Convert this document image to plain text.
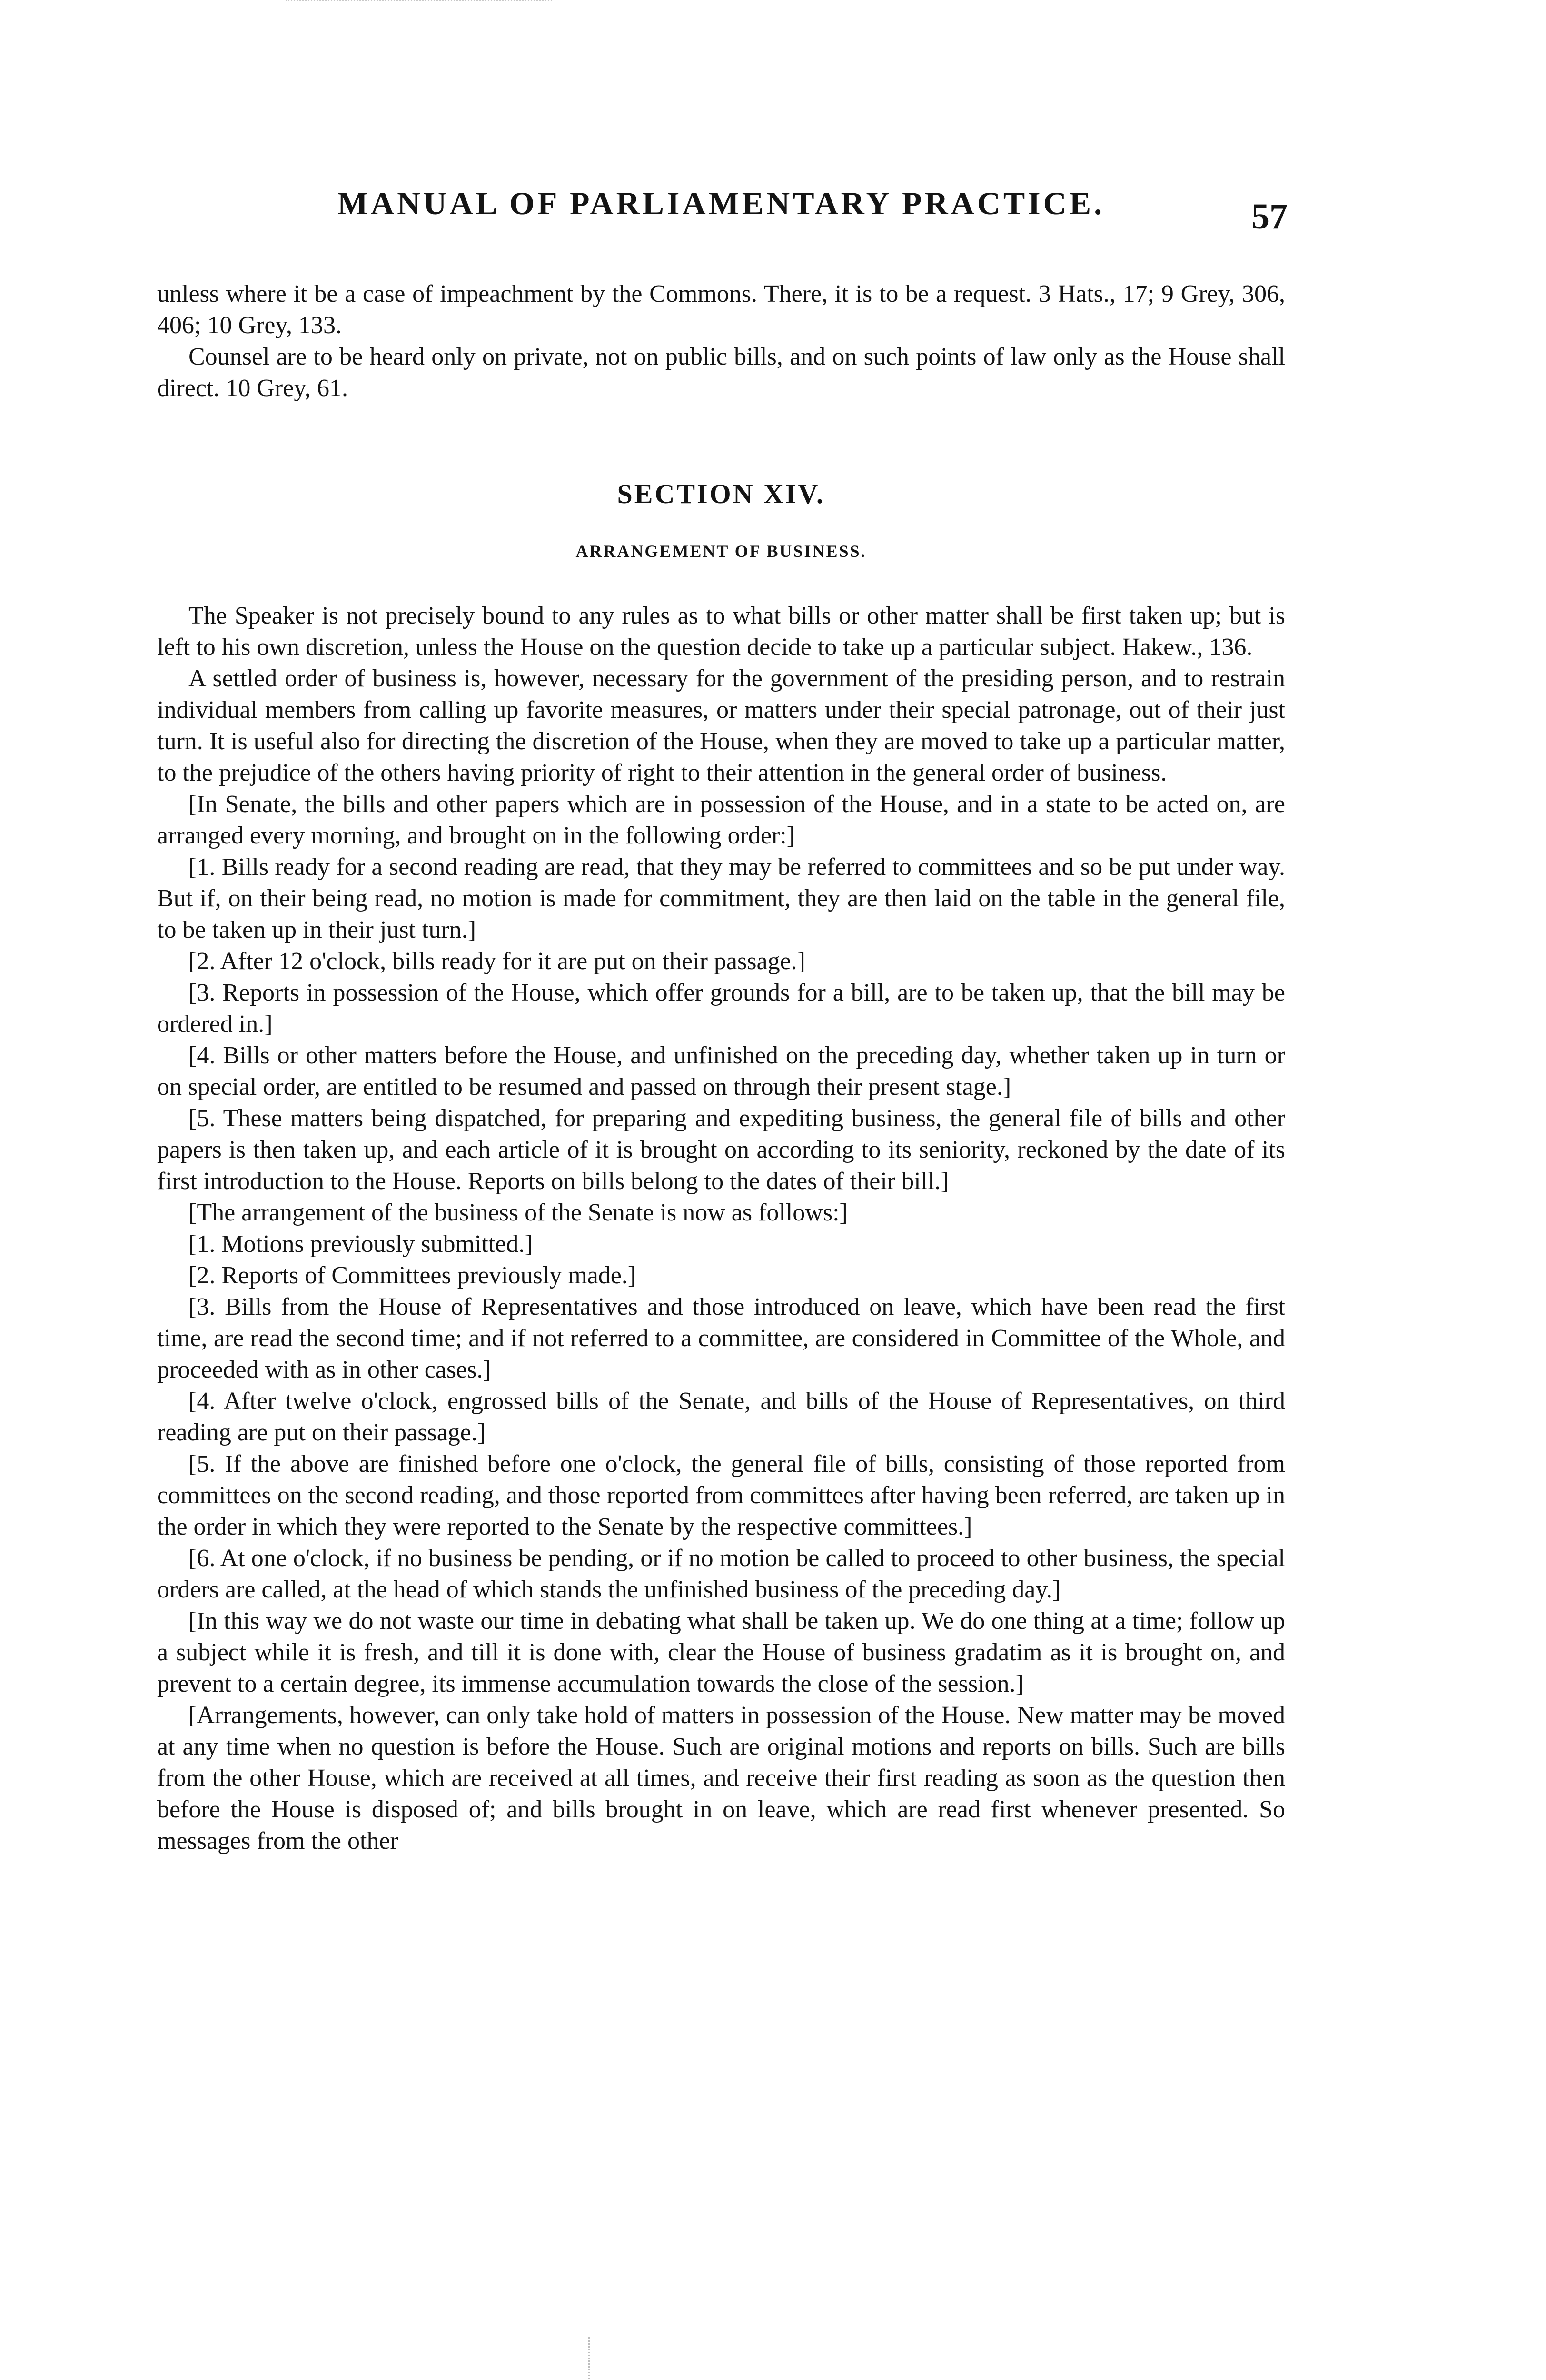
MANUAL OF PARLIAMENTARY PRACTICE.	57

unless where it be a case of impeachment by the Commons. There, it is to be a request. 3 Hats., 17; 9 Grey, 306, 406; 10 Grey, 133.

Counsel are to be heard only on private, not on public bills, and on such points of law only as the House shall direct. 10 Grey, 61.

SECTION XIV.
ARRANGEMENT OF BUSINESS.

The Speaker is not precisely bound to any rules as to what bills or other matter shall be first taken up; but is left to his own discretion, unless the House on the question decide to take up a particular subject. Hakew., 136.

A settled order of business is, however, necessary for the government of the presiding person, and to restrain individual members from calling up favorite measures, or matters under their special patronage, out of their just turn. It is useful also for directing the discretion of the House, when they are moved to take up a particular matter, to the prejudice of the others having priority of right to their attention in the general order of business.

[In Senate, the bills and other papers which are in possession of the House, and in a state to be acted on, are arranged every morning, and brought on in the following order:]

[1. Bills ready for a second reading are read, that they may be referred to committees and so be put under way. But if, on their being read, no motion is made for commitment, they are then laid on the table in the general file, to be taken up in their just turn.]

[2. After 12 o'clock, bills ready for it are put on their passage.]

[3. Reports in possession of the House, which offer grounds for a bill, are to be taken up, that the bill may be ordered in.]

[4. Bills or other matters before the House, and unfinished on the preceding day, whether taken up in turn or on special order, are entitled to be resumed and passed on through their present stage.]

[5. These matters being dispatched, for preparing and expediting business, the general file of bills and other papers is then taken up, and each article of it is brought on according to its seniority, reckoned by the date of its first introduction to the House. Reports on bills belong to the dates of their bill.]

[The arrangement of the business of the Senate is now as follows:]

[1. Motions previously submitted.]

[2. Reports of Committees previously made.]

[3. Bills from the House of Representatives and those introduced on leave, which have been read the first time, are read the second time; and if not referred to a committee, are considered in Committee of the Whole, and proceeded with as in other cases.]

[4. After twelve o'clock, engrossed bills of the Senate, and bills of the House of Representatives, on third reading are put on their passage.]

[5. If the above are finished before one o'clock, the general file of bills, consisting of those reported from committees on the second reading, and those reported from committees after having been referred, are taken up in the order in which they were reported to the Senate by the respective committees.]

[6. At one o'clock, if no business be pending, or if no motion be called to proceed to other business, the special orders are called, at the head of which stands the unfinished business of the preceding day.]

[In this way we do not waste our time in debating what shall be taken up. We do one thing at a time; follow up a subject while it is fresh, and till it is done with, clear the House of business gradatim as it is brought on, and prevent to a certain degree, its immense accumulation towards the close of the session.]

[Arrangements, however, can only take hold of matters in possession of the House. New matter may be moved at any time when no question is before the House. Such are original motions and reports on bills. Such are bills from the other House, which are received at all times, and receive their first reading as soon as the question then before the House is disposed of; and bills brought in on leave, which are read first whenever presented. So messages from the other
